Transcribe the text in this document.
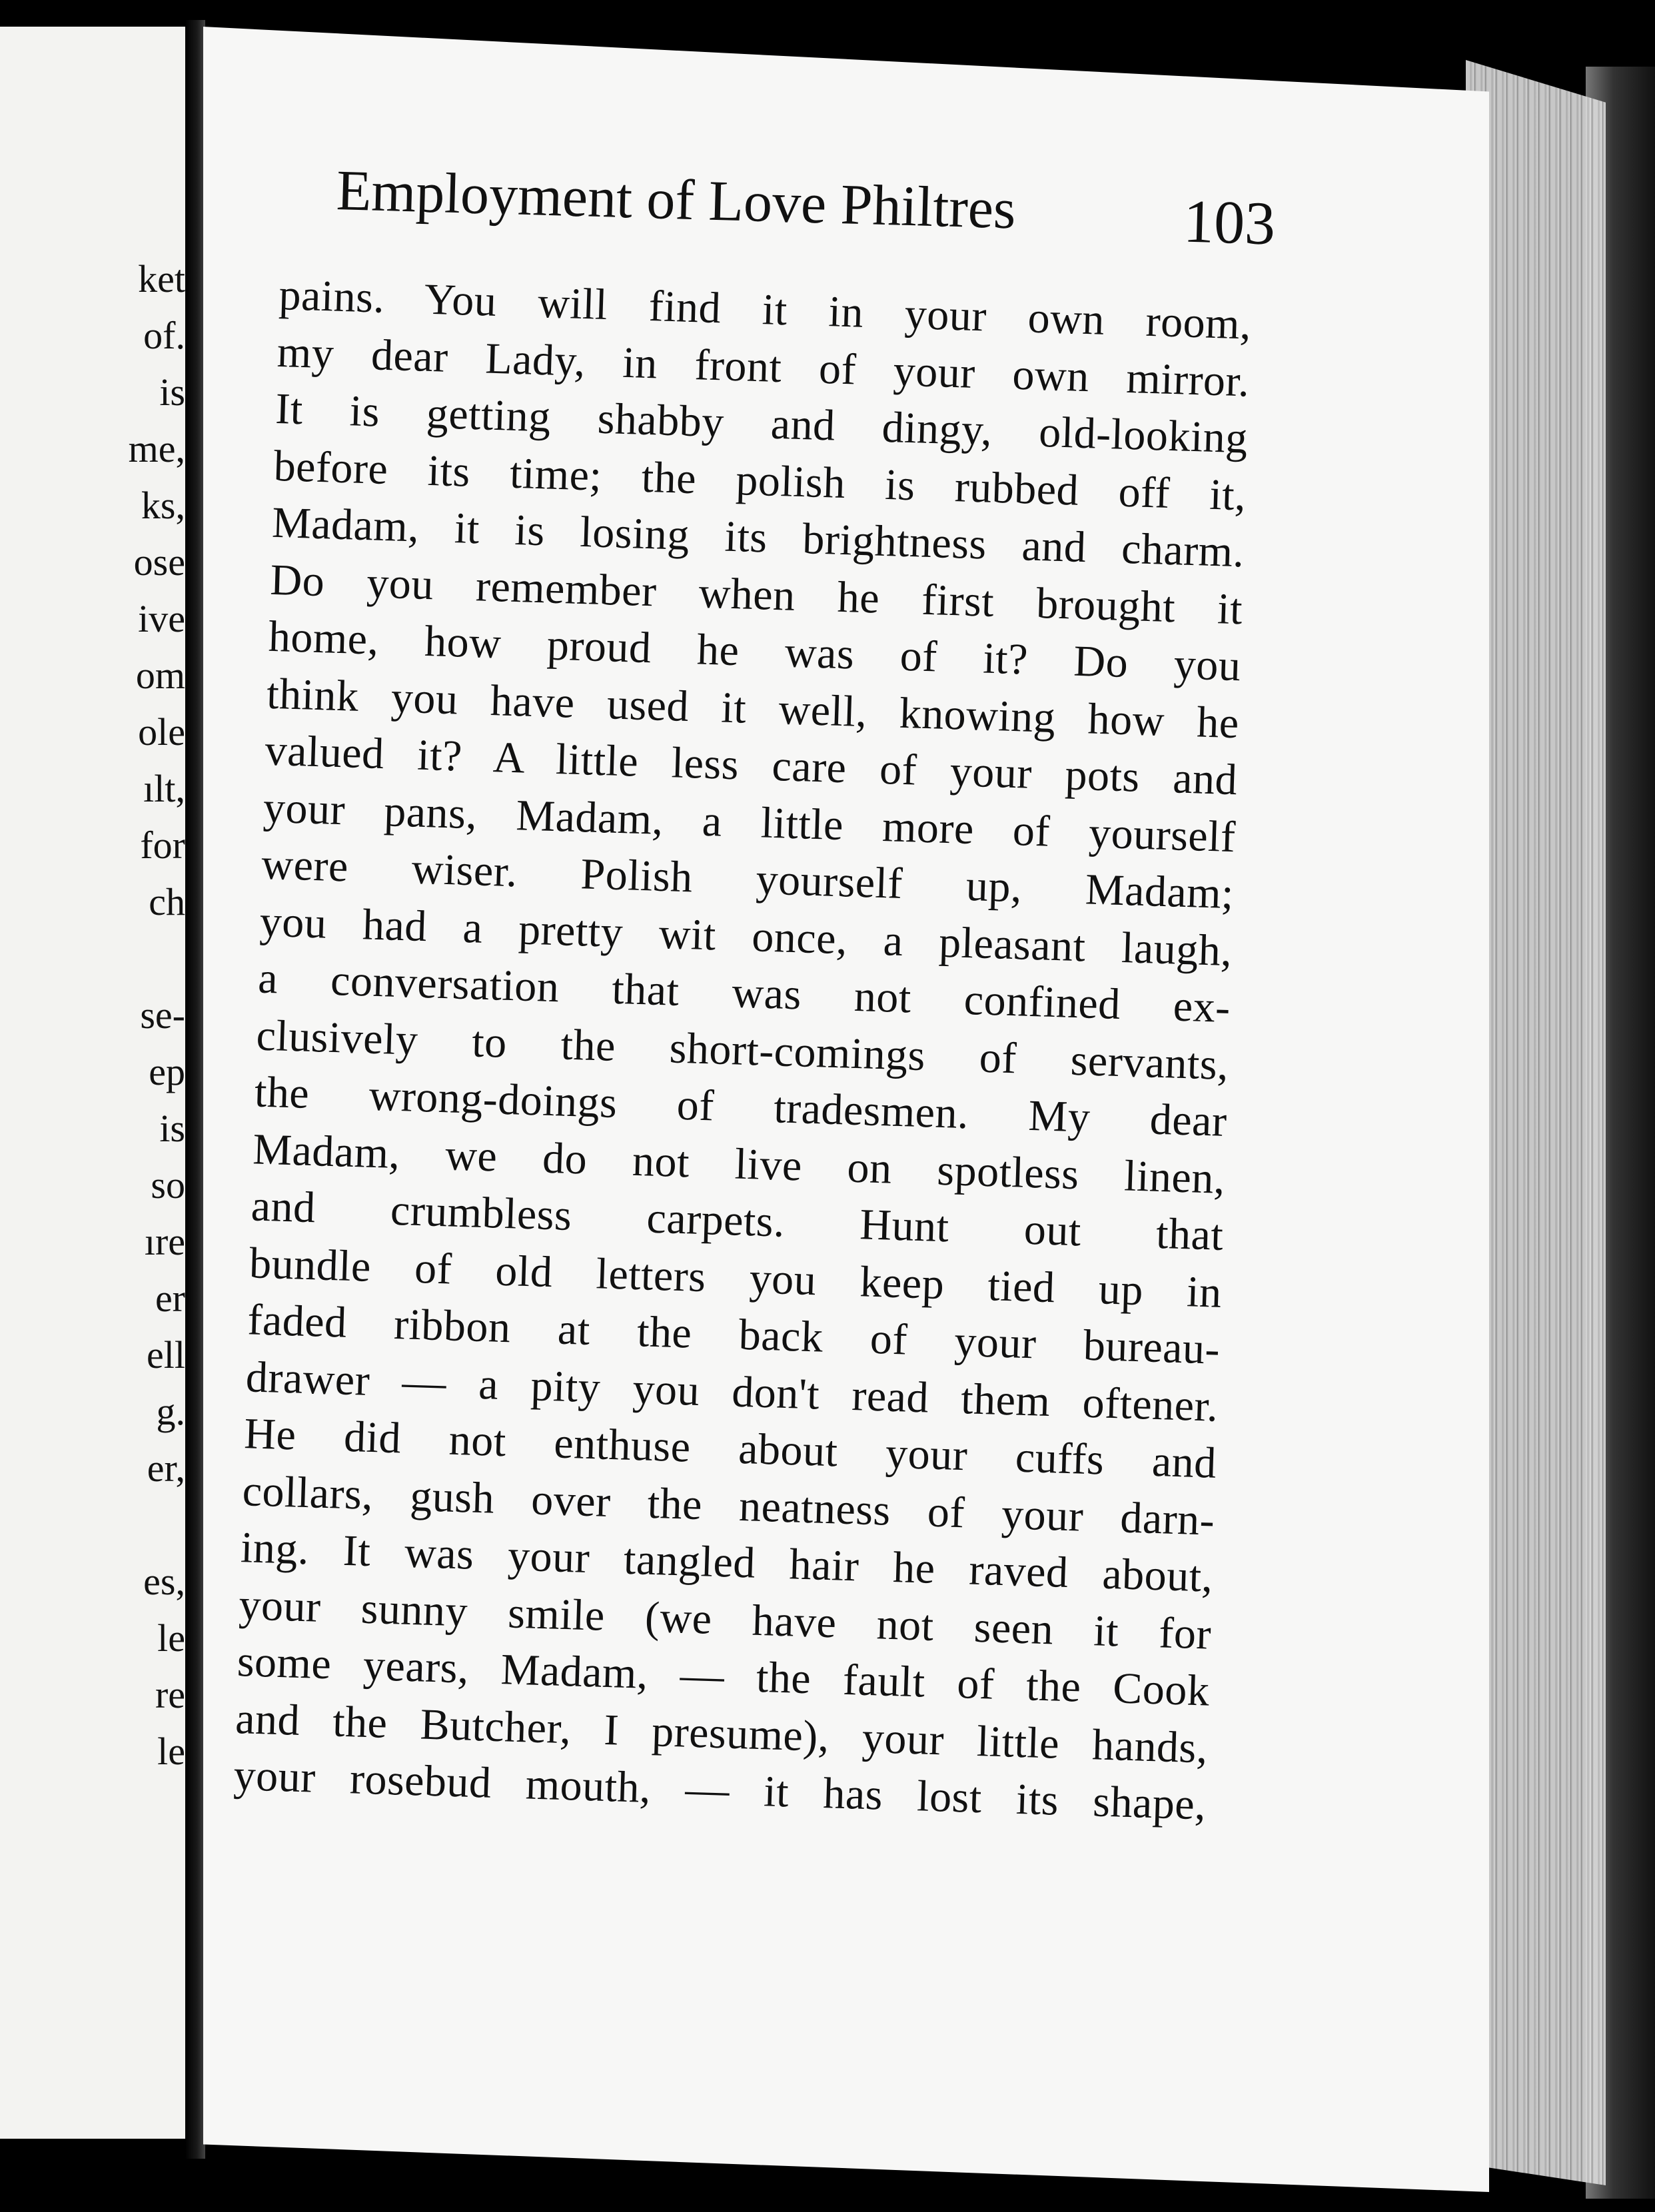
ket
of.
is
me,
ks,
ose
ive
om
ole
ılt,
for
ch
se-
ep
is
so
ıre
er
ell
g.
er,
es,
le
re
le
Employment of Love Philtres	103
pains. You will find it in your own room,
my dear Lady, in front of your own mirror.
It is getting shabby and dingy, old-looking
before its time; the polish is rubbed off it,
Madam, it is losing its brightness and charm.
Do you remember when he first brought it
home, how proud he was of it? Do you
think you have used it well, knowing how he
valued it? A little less care of your pots and
your pans, Madam, a little more of yourself
were wiser. Polish yourself up, Madam;
you had a pretty wit once, a pleasant laugh,
a conversation that was not confined ex-
clusively to the short-comings of servants,
the wrong-doings of tradesmen. My dear
Madam, we do not live on spotless linen,
and crumbless carpets. Hunt out that
bundle of old letters you keep tied up in
faded ribbon at the back of your bureau-
drawer — a pity you don't read them oftener.
He did not enthuse about your cuffs and
collars, gush over the neatness of your darn-
ing. It was your tangled hair he raved about,
your sunny smile (we have not seen it for
some years, Madam, — the fault of the Cook
and the Butcher, I presume), your little hands,
your rosebud mouth, — it has lost its shape,
